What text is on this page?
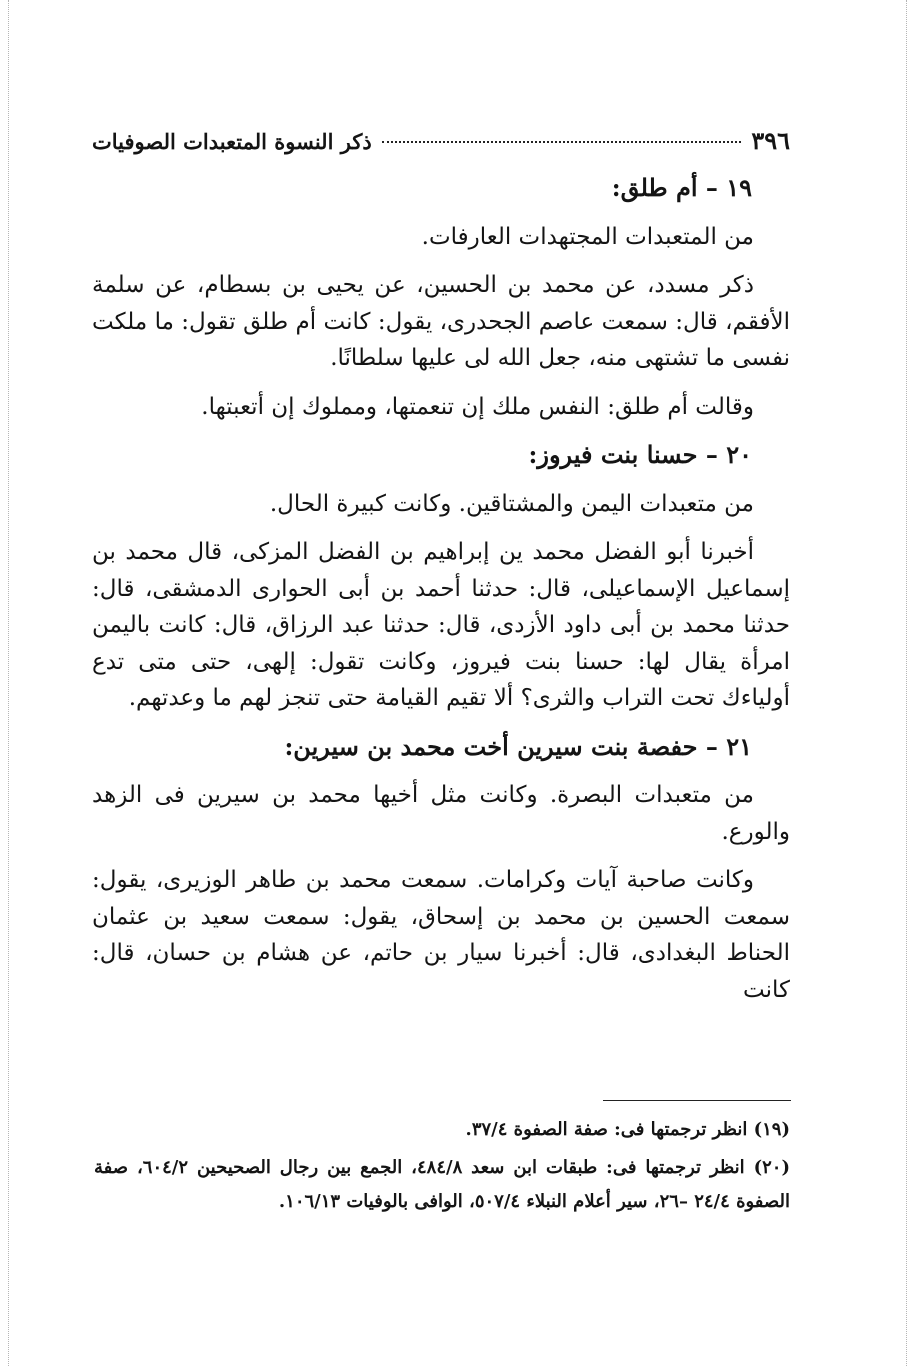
٣٩٦
ذكر النسوة المتعبدات الصوفيات
١٩ – أم طلق:

من المتعبدات المجتهدات العارفات.

ذكر مسدد، عن محمد بن الحسين، عن يحيى بن بسطام، عن سلمة الأفقم، قال: سمعت عاصم الجحدرى، يقول: كانت أم طلق تقول: ما ملكت نفسى ما تشتهى منه، جعل الله لى عليها سلطانًا.

وقالت أم طلق: النفس ملك إن تنعمتها، ومملوك إن أتعبتها.

٢٠ – حسنا بنت فيروز:

من متعبدات اليمن والمشتاقين. وكانت كبيرة الحال.

أخبرنا أبو الفضل محمد ين إبراهيم بن الفضل المزكى، قال محمد بن إسماعيل الإسماعيلى، قال: حدثنا أحمد بن أبى الحوارى الدمشقى، قال: حدثنا محمد بن أبى داود الأزدى، قال: حدثنا عبد الرزاق، قال: كانت باليمن امرأة يقال لها: حسنا بنت فيروز، وكانت تقول: إلهى، حتى متى تدع أولياءك تحت التراب والثرى؟ ألا تقيم القيامة حتى تنجز لهم ما وعدتهم.

٢١ – حفصة بنت سيرين أخت محمد بن سيرين:

من متعبدات البصرة. وكانت مثل أخيها محمد بن سيرين فى الزهد والورع.

وكانت صاحبة آيات وكرامات. سمعت محمد بن طاهر الوزيرى، يقول: سمعت الحسين بن محمد بن إسحاق، يقول: سمعت سعيد بن عثمان الحناط البغدادى، قال: أخبرنا سيار بن حاتم، عن هشام بن حسان، قال: كانت

(١٩) انظر ترجمتها فى: صفة الصفوة ٣٧/٤.

(٢٠) انظر ترجمتها فى: طبقات ابن سعد ٤٨٤/٨، الجمع بين رجال الصحيحين ٦٠٤/٢، صفة الصفوة ٢٤/٤ –٢٦، سير أعلام النبلاء ٥٠٧/٤، الوافى بالوفيات ١٠٦/١٣.
